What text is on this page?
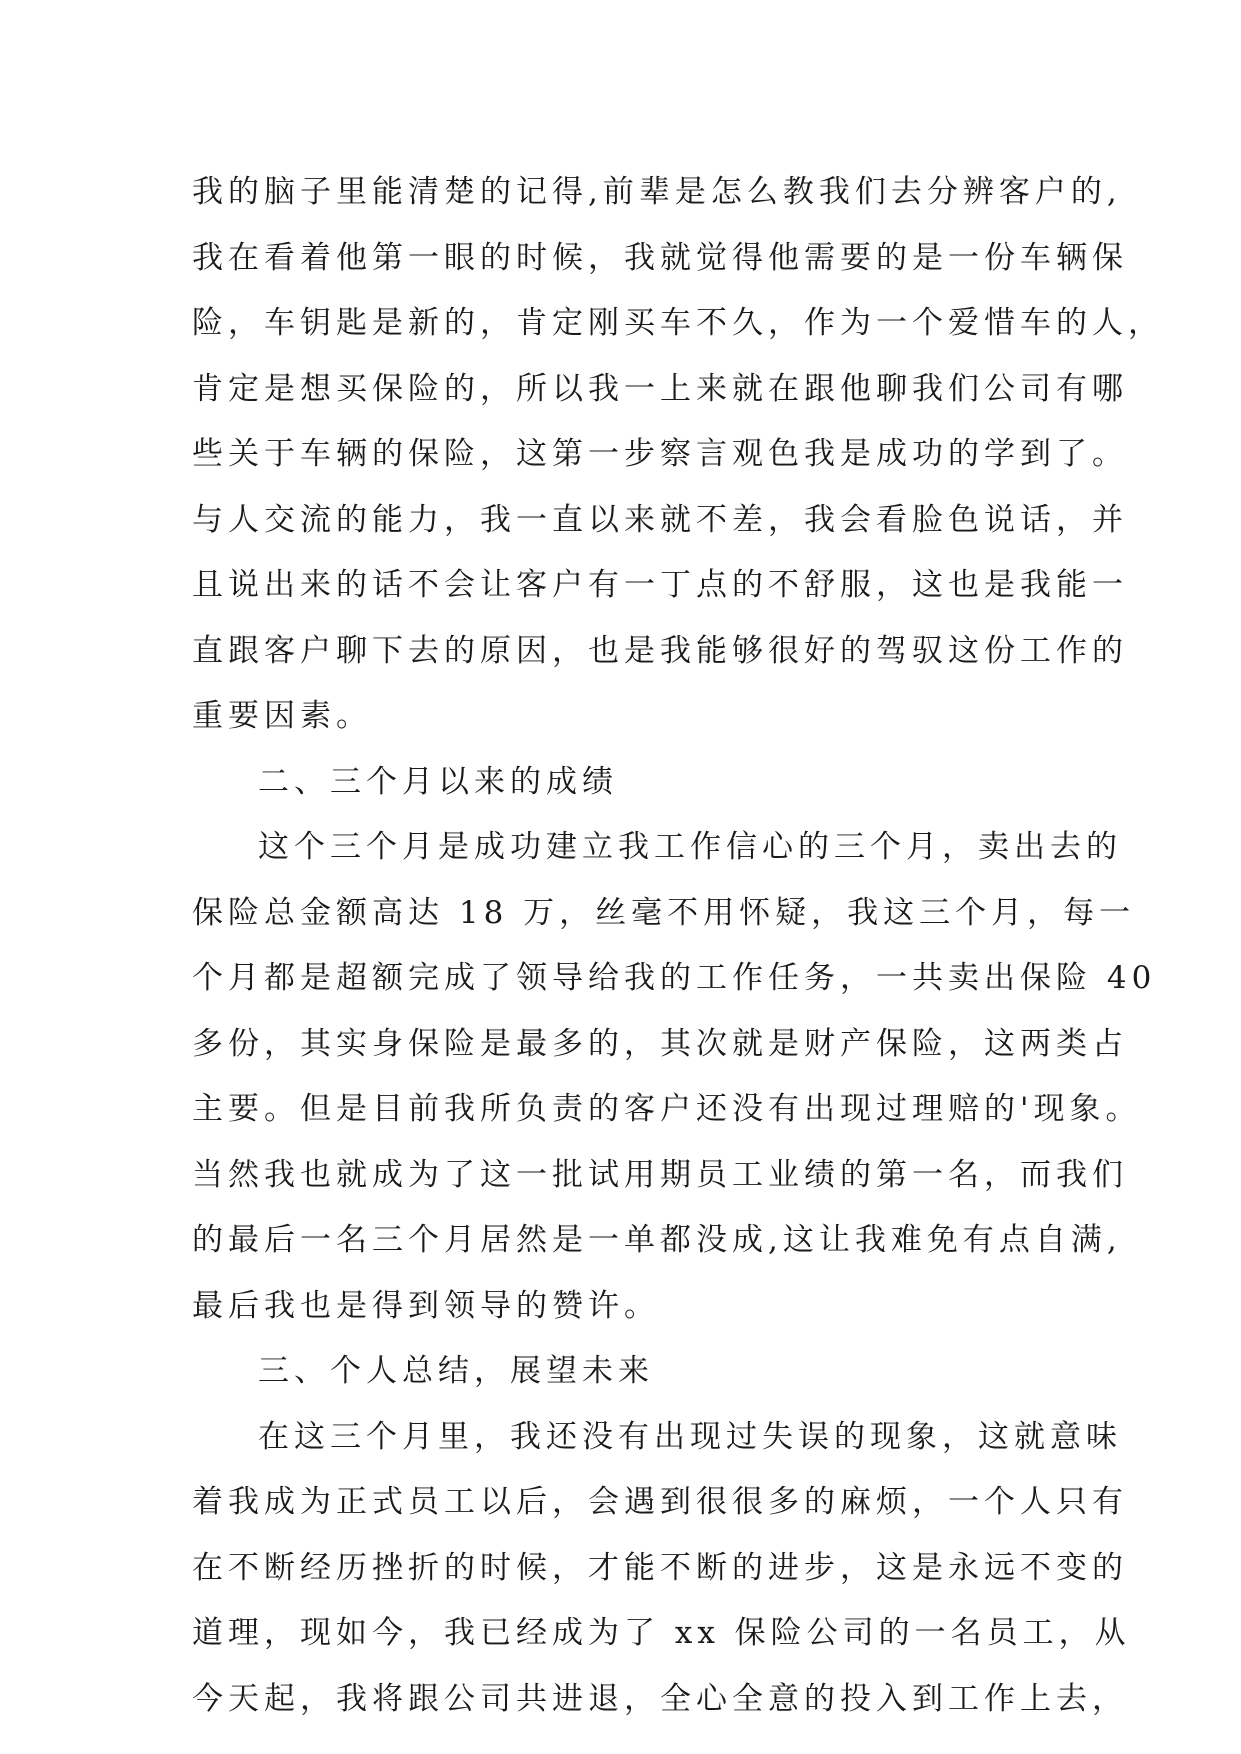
我的脑子里能清楚的记得,前辈是怎么教我们去分辨客户的,
我在看着他第一眼的时候，我就觉得他需要的是一份车辆保
险，车钥匙是新的，肯定刚买车不久，作为一个爱惜车的人，
肯定是想买保险的，所以我一上来就在跟他聊我们公司有哪
些关于车辆的保险，这第一步察言观色我是成功的学到了。
与人交流的能力，我一直以来就不差，我会看脸色说话，并
且说出来的话不会让客户有一丁点的不舒服，这也是我能一
直跟客户聊下去的原因，也是我能够很好的驾驭这份工作的
重要因素。
二、三个月以来的成绩
这个三个月是成功建立我工作信心的三个月，卖出去的
保险总金额高达 18 万，丝毫不用怀疑，我这三个月，每一
个月都是超额完成了领导给我的工作任务，一共卖出保险 40
多份，其实身保险是最多的，其次就是财产保险，这两类占
主要。但是目前我所负责的客户还没有出现过理赔的'现象。
当然我也就成为了这一批试用期员工业绩的第一名，而我们
的最后一名三个月居然是一单都没成,这让我难免有点自满,
最后我也是得到领导的赞许。
三、个人总结，展望未来
在这三个月里，我还没有出现过失误的现象，这就意味
着我成为正式员工以后，会遇到很很多的麻烦，一个人只有
在不断经历挫折的时候，才能不断的进步，这是永远不变的
道理，现如今，我已经成为了 xx 保险公司的一名员工，从
今天起，我将跟公司共进退，全心全意的投入到工作上去，
